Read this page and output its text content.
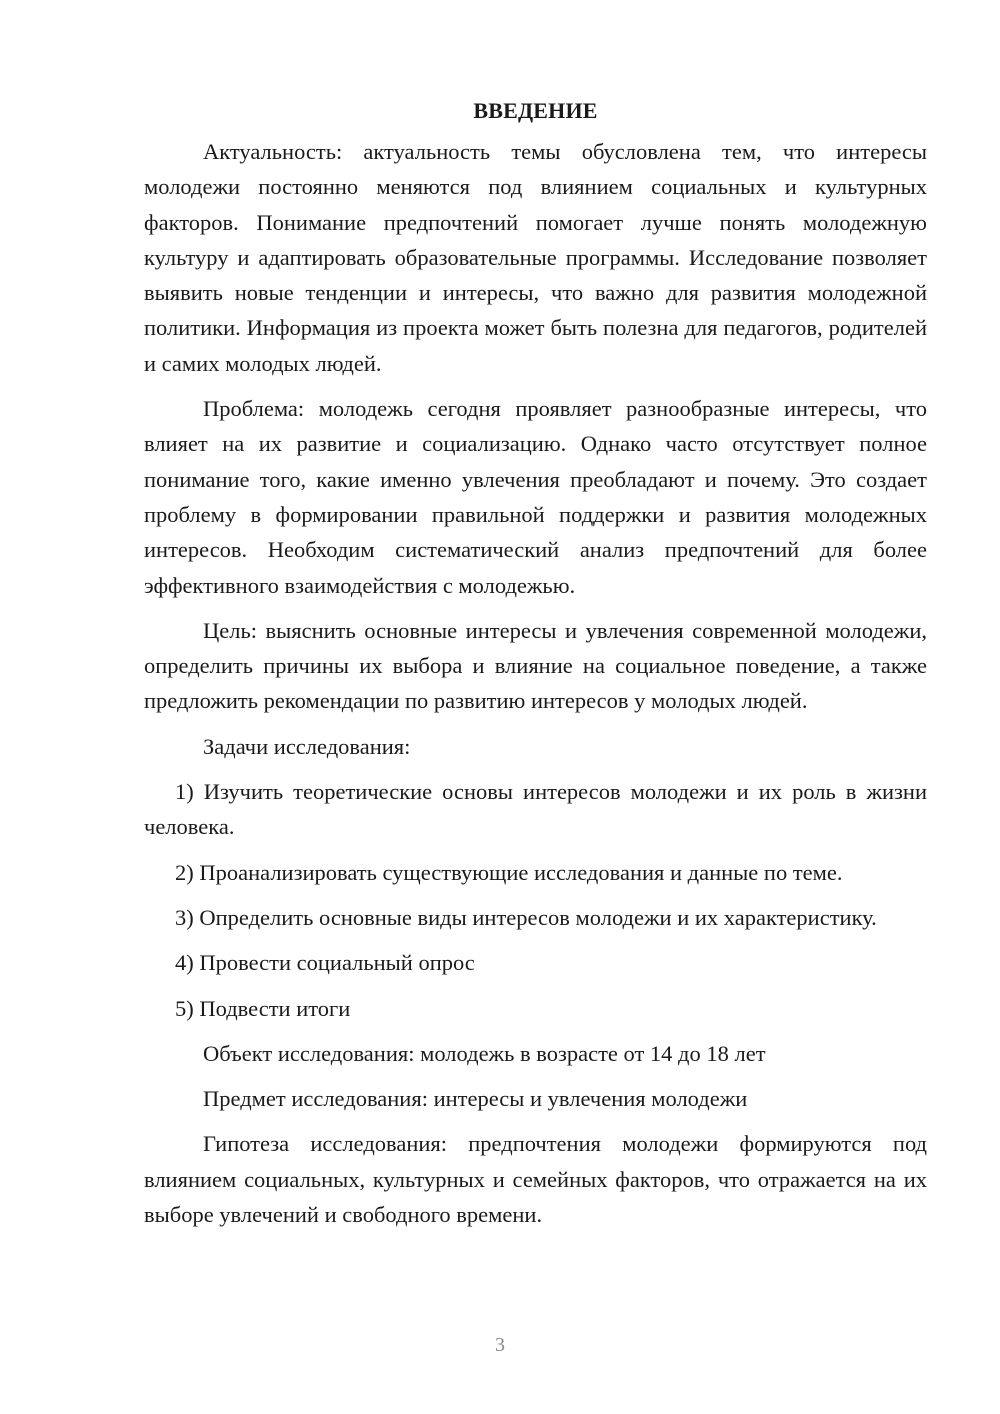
ВВЕДЕНИЕ

Актуальность: актуальность темы обусловлена тем, что интересы молодежи постоянно меняются под влиянием социальных и культурных факторов. Понимание предпочтений помогает лучше понять молодежную культуру и адаптировать образовательные программы. Исследование позволяет выявить новые тенденции и интересы, что важно для развития молодежной политики. Информация из проекта может быть полезна для педагогов, родителей и самих молодых людей.

Проблема: молодежь сегодня проявляет разнообразные интересы, что влияет на их развитие и социализацию. Однако часто отсутствует полное понимание того, какие именно увлечения преобладают и почему. Это создает проблему в формировании правильной поддержки и развития молодежных интересов. Необходим систематический анализ предпочтений для более эффективного взаимодействия с молодежью.

Цель: выяснить основные интересы и увлечения современной молодежи, определить причины их выбора и влияние на социальное поведение, а также предложить рекомендации по развитию интересов у молодых людей.

Задачи исследования:

1) Изучить теоретические основы интересов молодежи и их роль в жизни человека.

2) Проанализировать существующие исследования и данные по теме.

3) Определить основные виды интересов молодежи и их характеристику.

4) Провести социальный опрос

5) Подвести итоги

Объект исследования: молодежь в возрасте от 14 до 18 лет

Предмет исследования: интересы и увлечения молодежи

Гипотеза исследования: предпочтения молодежи формируются под влиянием социальных, культурных и семейных факторов, что отражается на их выборе увлечений и свободного времени.

3
